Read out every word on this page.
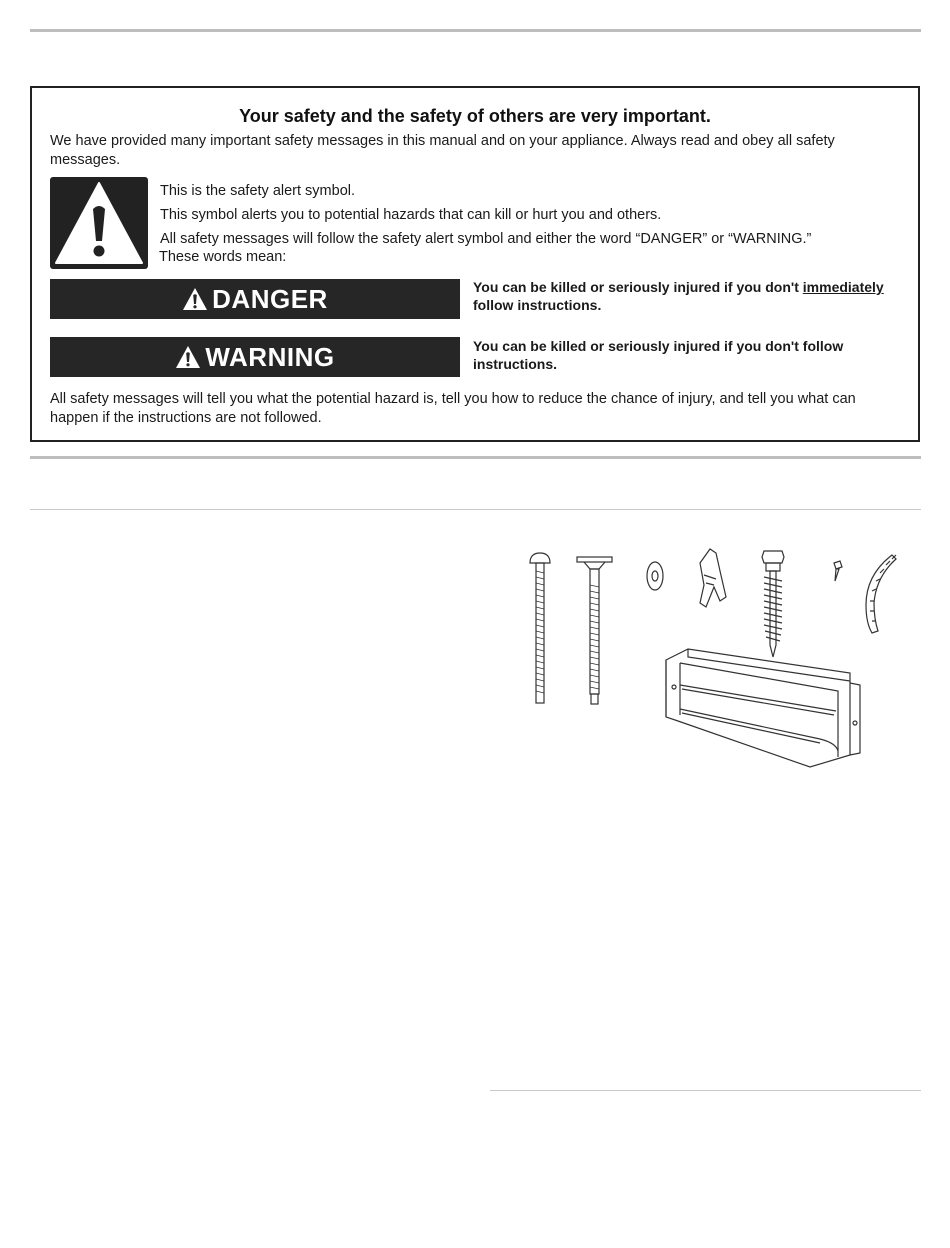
Your safety and the safety of others are very important.
We have provided many important safety messages in this manual and on your appliance. Always read and obey all safety messages.
This is the safety alert symbol.
This symbol alerts you to potential hazards that can kill or hurt you and others.
All safety messages will follow the safety alert symbol and either the word “DANGER” or “WARNING.”
These words mean:
DANGER	You can be killed or seriously injured if you don't immediately follow instructions.
WARNING	You can be killed or seriously injured if you don't follow instructions.
All safety messages will tell you what the potential hazard is, tell you how to reduce the chance of injury, and tell you what can happen if the instructions are not followed.
